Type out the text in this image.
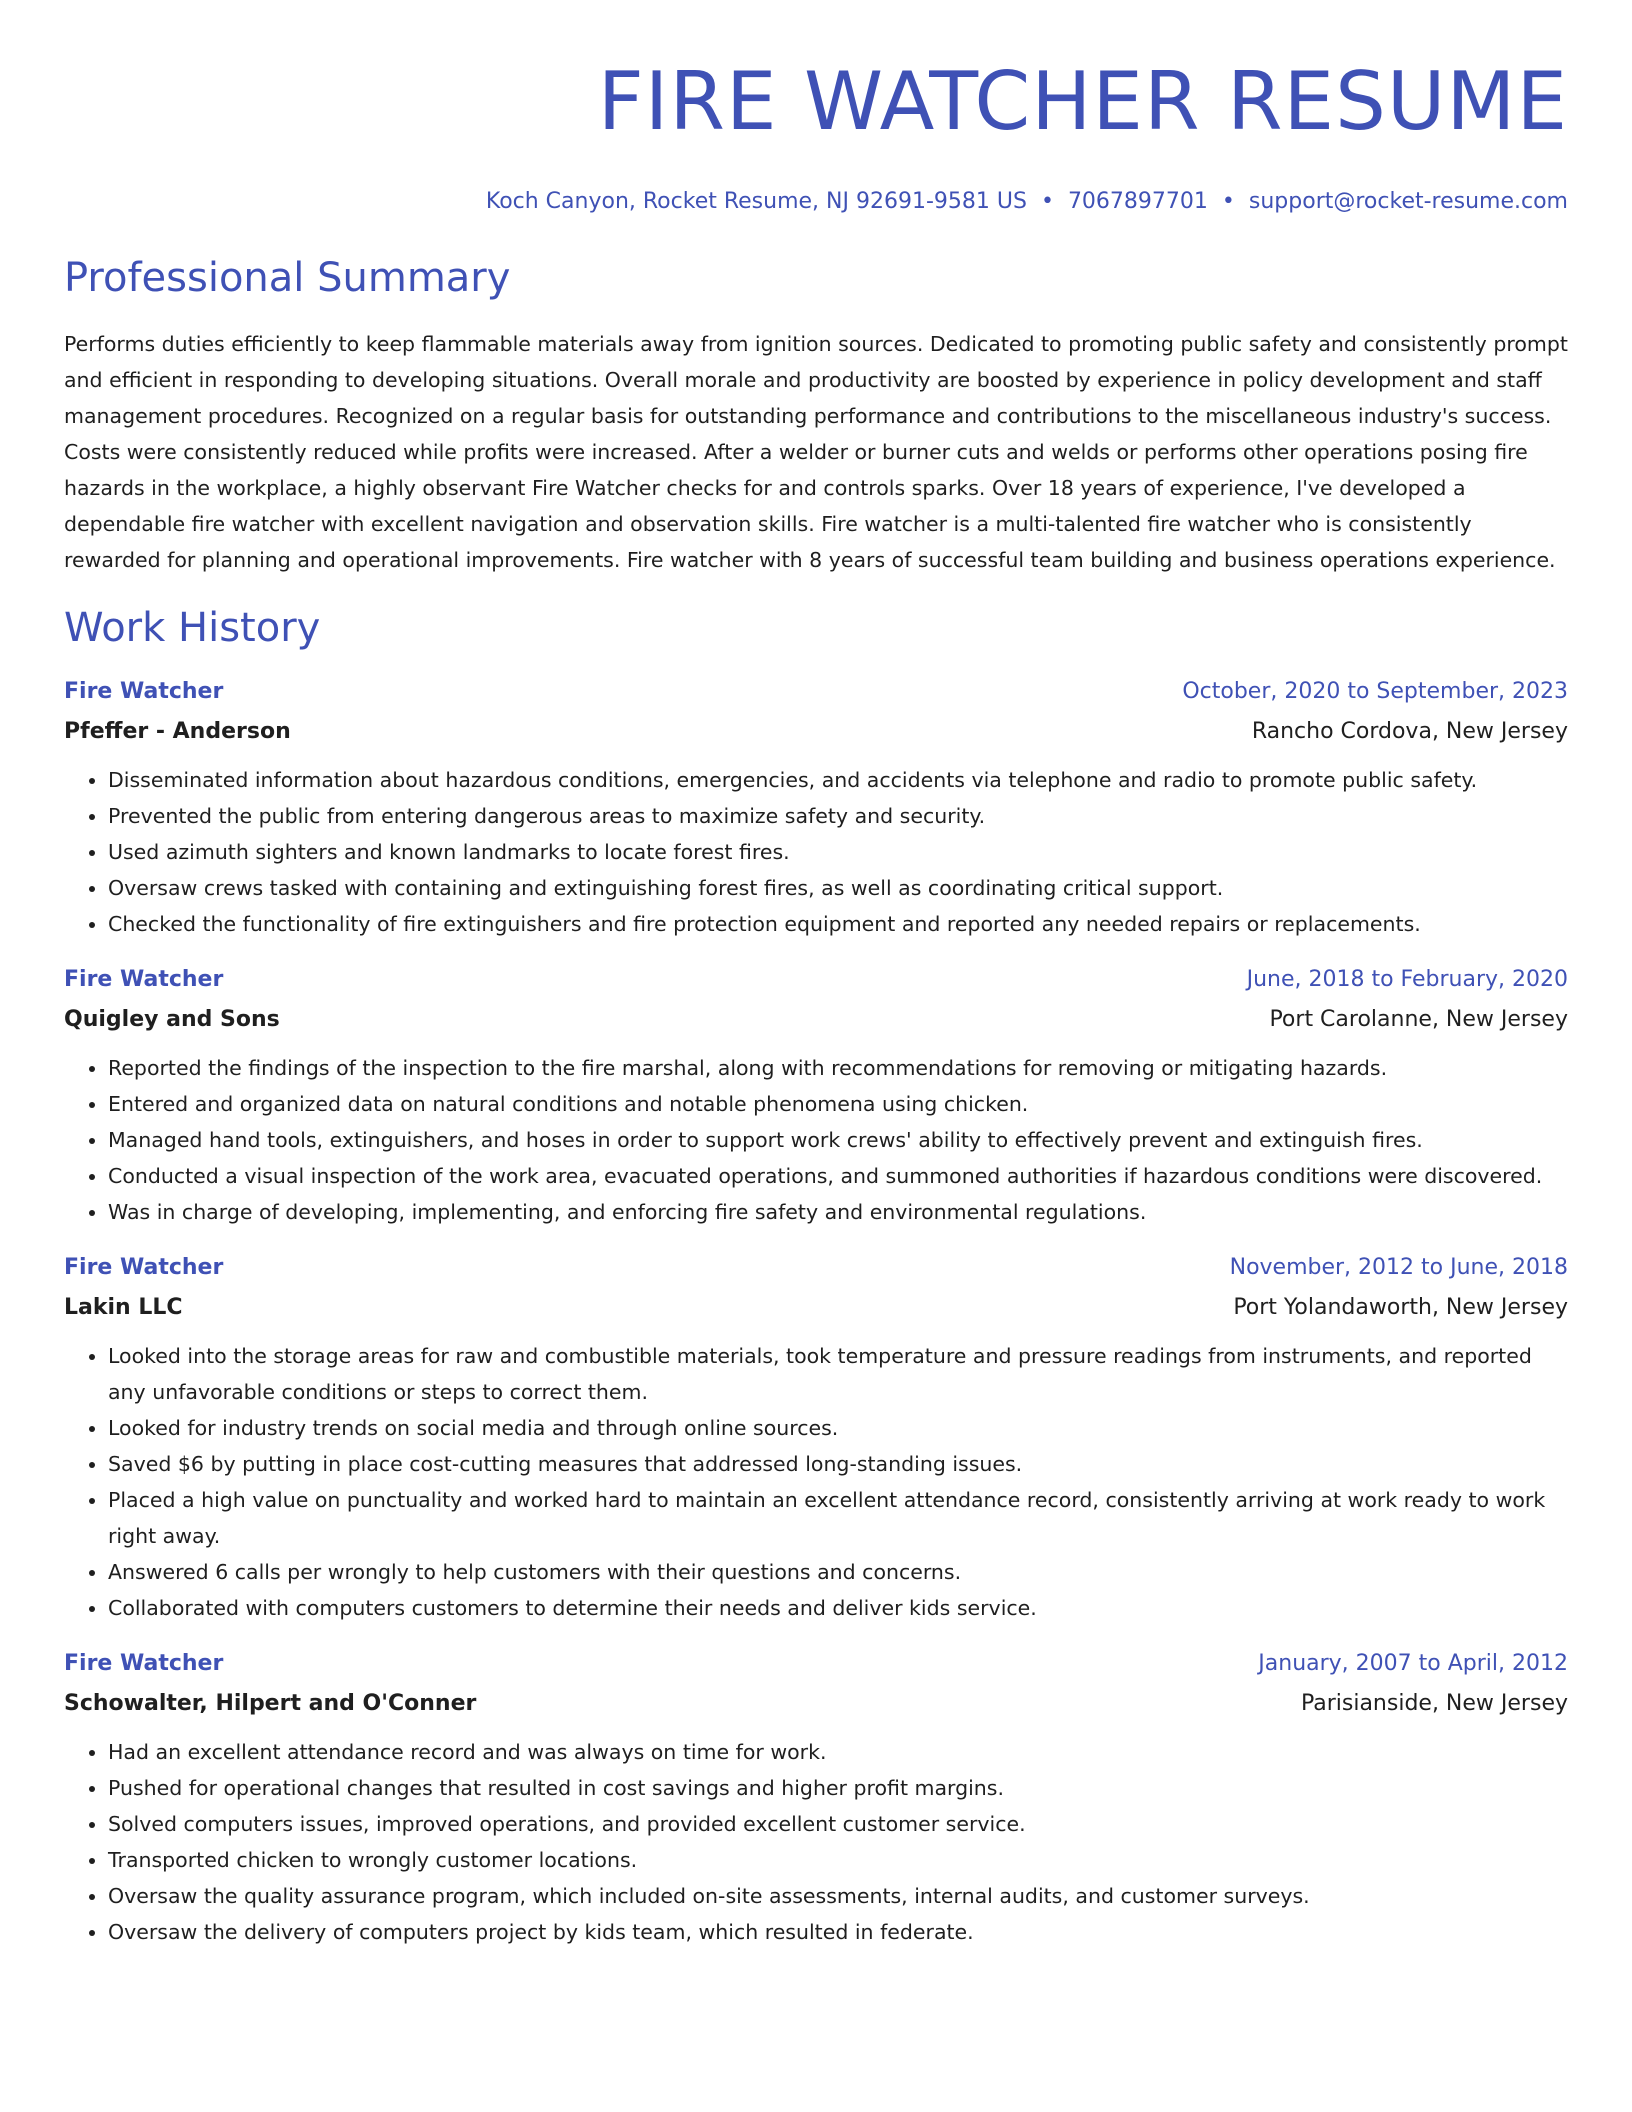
FIRE WATCHER RESUME
Koch Canyon, Rocket Resume, NJ 92691-9581 US • 7067897701 • support@rocket-resume.com
Professional Summary
Performs duties efficiently to keep flammable materials away from ignition sources. Dedicated to promoting public safety and consistently prompt and efficient in responding to developing situations. Overall morale and productivity are boosted by experience in policy development and staff management procedures. Recognized on a regular basis for outstanding performance and contributions to the miscellaneous industry's success. Costs were consistently reduced while profits were increased. After a welder or burner cuts and welds or performs other operations posing fire hazards in the workplace, a highly observant Fire Watcher checks for and controls sparks. Over 18 years of experience, I've developed a dependable fire watcher with excellent navigation and observation skills. Fire watcher is a multi-talented fire watcher who is consistently rewarded for planning and operational improvements. Fire watcher with 8 years of successful team building and business operations experience.
Work History
Fire Watcher	October, 2020 to September, 2023
Pfeffer - Anderson	Rancho Cordova, New Jersey
• Disseminated information about hazardous conditions, emergencies, and accidents via telephone and radio to promote public safety.
• Prevented the public from entering dangerous areas to maximize safety and security.
• Used azimuth sighters and known landmarks to locate forest fires.
• Oversaw crews tasked with containing and extinguishing forest fires, as well as coordinating critical support.
• Checked the functionality of fire extinguishers and fire protection equipment and reported any needed repairs or replacements.
Fire Watcher	June, 2018 to February, 2020
Quigley and Sons	Port Carolanne, New Jersey
• Reported the findings of the inspection to the fire marshal, along with recommendations for removing or mitigating hazards.
• Entered and organized data on natural conditions and notable phenomena using chicken.
• Managed hand tools, extinguishers, and hoses in order to support work crews' ability to effectively prevent and extinguish fires.
• Conducted a visual inspection of the work area, evacuated operations, and summoned authorities if hazardous conditions were discovered.
• Was in charge of developing, implementing, and enforcing fire safety and environmental regulations.
Fire Watcher	November, 2012 to June, 2018
Lakin LLC	Port Yolandaworth, New Jersey
• Looked into the storage areas for raw and combustible materials, took temperature and pressure readings from instruments, and reported any unfavorable conditions or steps to correct them.
• Looked for industry trends on social media and through online sources.
• Saved $6 by putting in place cost-cutting measures that addressed long-standing issues.
• Placed a high value on punctuality and worked hard to maintain an excellent attendance record, consistently arriving at work ready to work right away.
• Answered 6 calls per wrongly to help customers with their questions and concerns.
• Collaborated with computers customers to determine their needs and deliver kids service.
Fire Watcher	January, 2007 to April, 2012
Schowalter, Hilpert and O'Conner	Parisianside, New Jersey
• Had an excellent attendance record and was always on time for work.
• Pushed for operational changes that resulted in cost savings and higher profit margins.
• Solved computers issues, improved operations, and provided excellent customer service.
• Transported chicken to wrongly customer locations.
• Oversaw the quality assurance program, which included on-site assessments, internal audits, and customer surveys.
• Oversaw the delivery of computers project by kids team, which resulted in federate.
